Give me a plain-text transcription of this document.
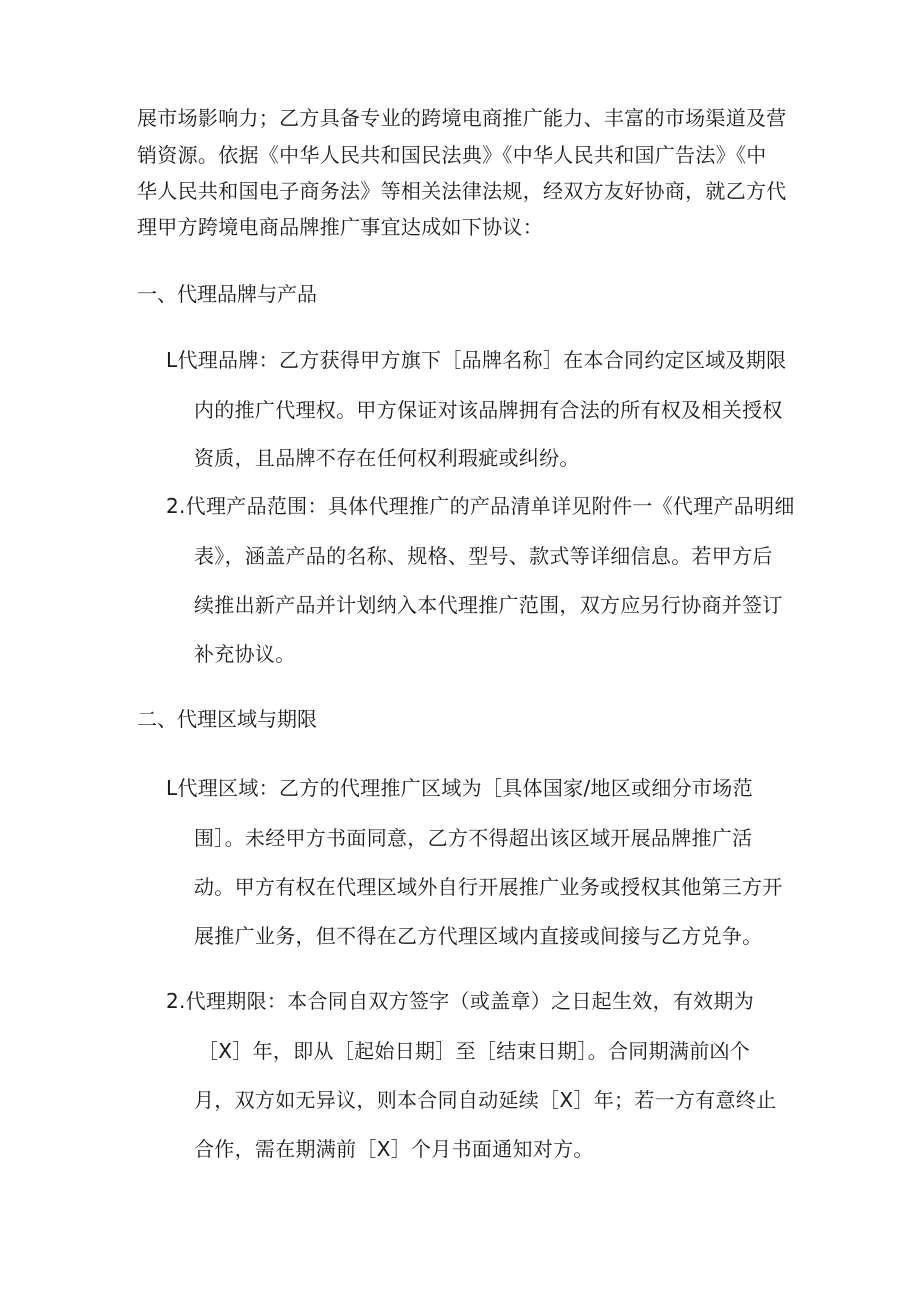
展市场影响力；乙方具备专业的跨境电商推广能力、丰富的市场渠道及营
销资源。依据《中华人民共和国民法典》《中华人民共和国广告法》《中
华人民共和国电子商务法》等相关法律法规，经双方友好协商，就乙方代
理甲方跨境电商品牌推广事宜达成如下协议：
一、代理品牌与产品
L代理品牌：乙方获得甲方旗下［品牌名称］在本合同约定区域及期限
内的推广代理权。甲方保证对该品牌拥有合法的所有权及相关授权
资质，且品牌不存在任何权利瑕疵或纠纷。
2.代理产品范围：具体代理推广的产品清单详见附件一《代理产品明细
表》，涵盖产品的名称、规格、型号、款式等详细信息。若甲方后
续推出新产品并计划纳入本代理推广范围，双方应另行协商并签订
补充协议。
二、代理区域与期限
L代理区域：乙方的代理推广区域为［具体国家/地区或细分市场范
围］。未经甲方书面同意，乙方不得超出该区域开展品牌推广活
动。甲方有权在代理区域外自行开展推广业务或授权其他第三方开
展推广业务，但不得在乙方代理区域内直接或间接与乙方兑争。
2.代理期限：本合同自双方签字（或盖章）之日起生效，有效期为
［X］年，即从［起始日期］至［结束日期］。合同期满前凶个
月，双方如无异议，则本合同自动延续［X］年；若一方有意终止
合作，需在期满前［X］个月书面通知对方。
